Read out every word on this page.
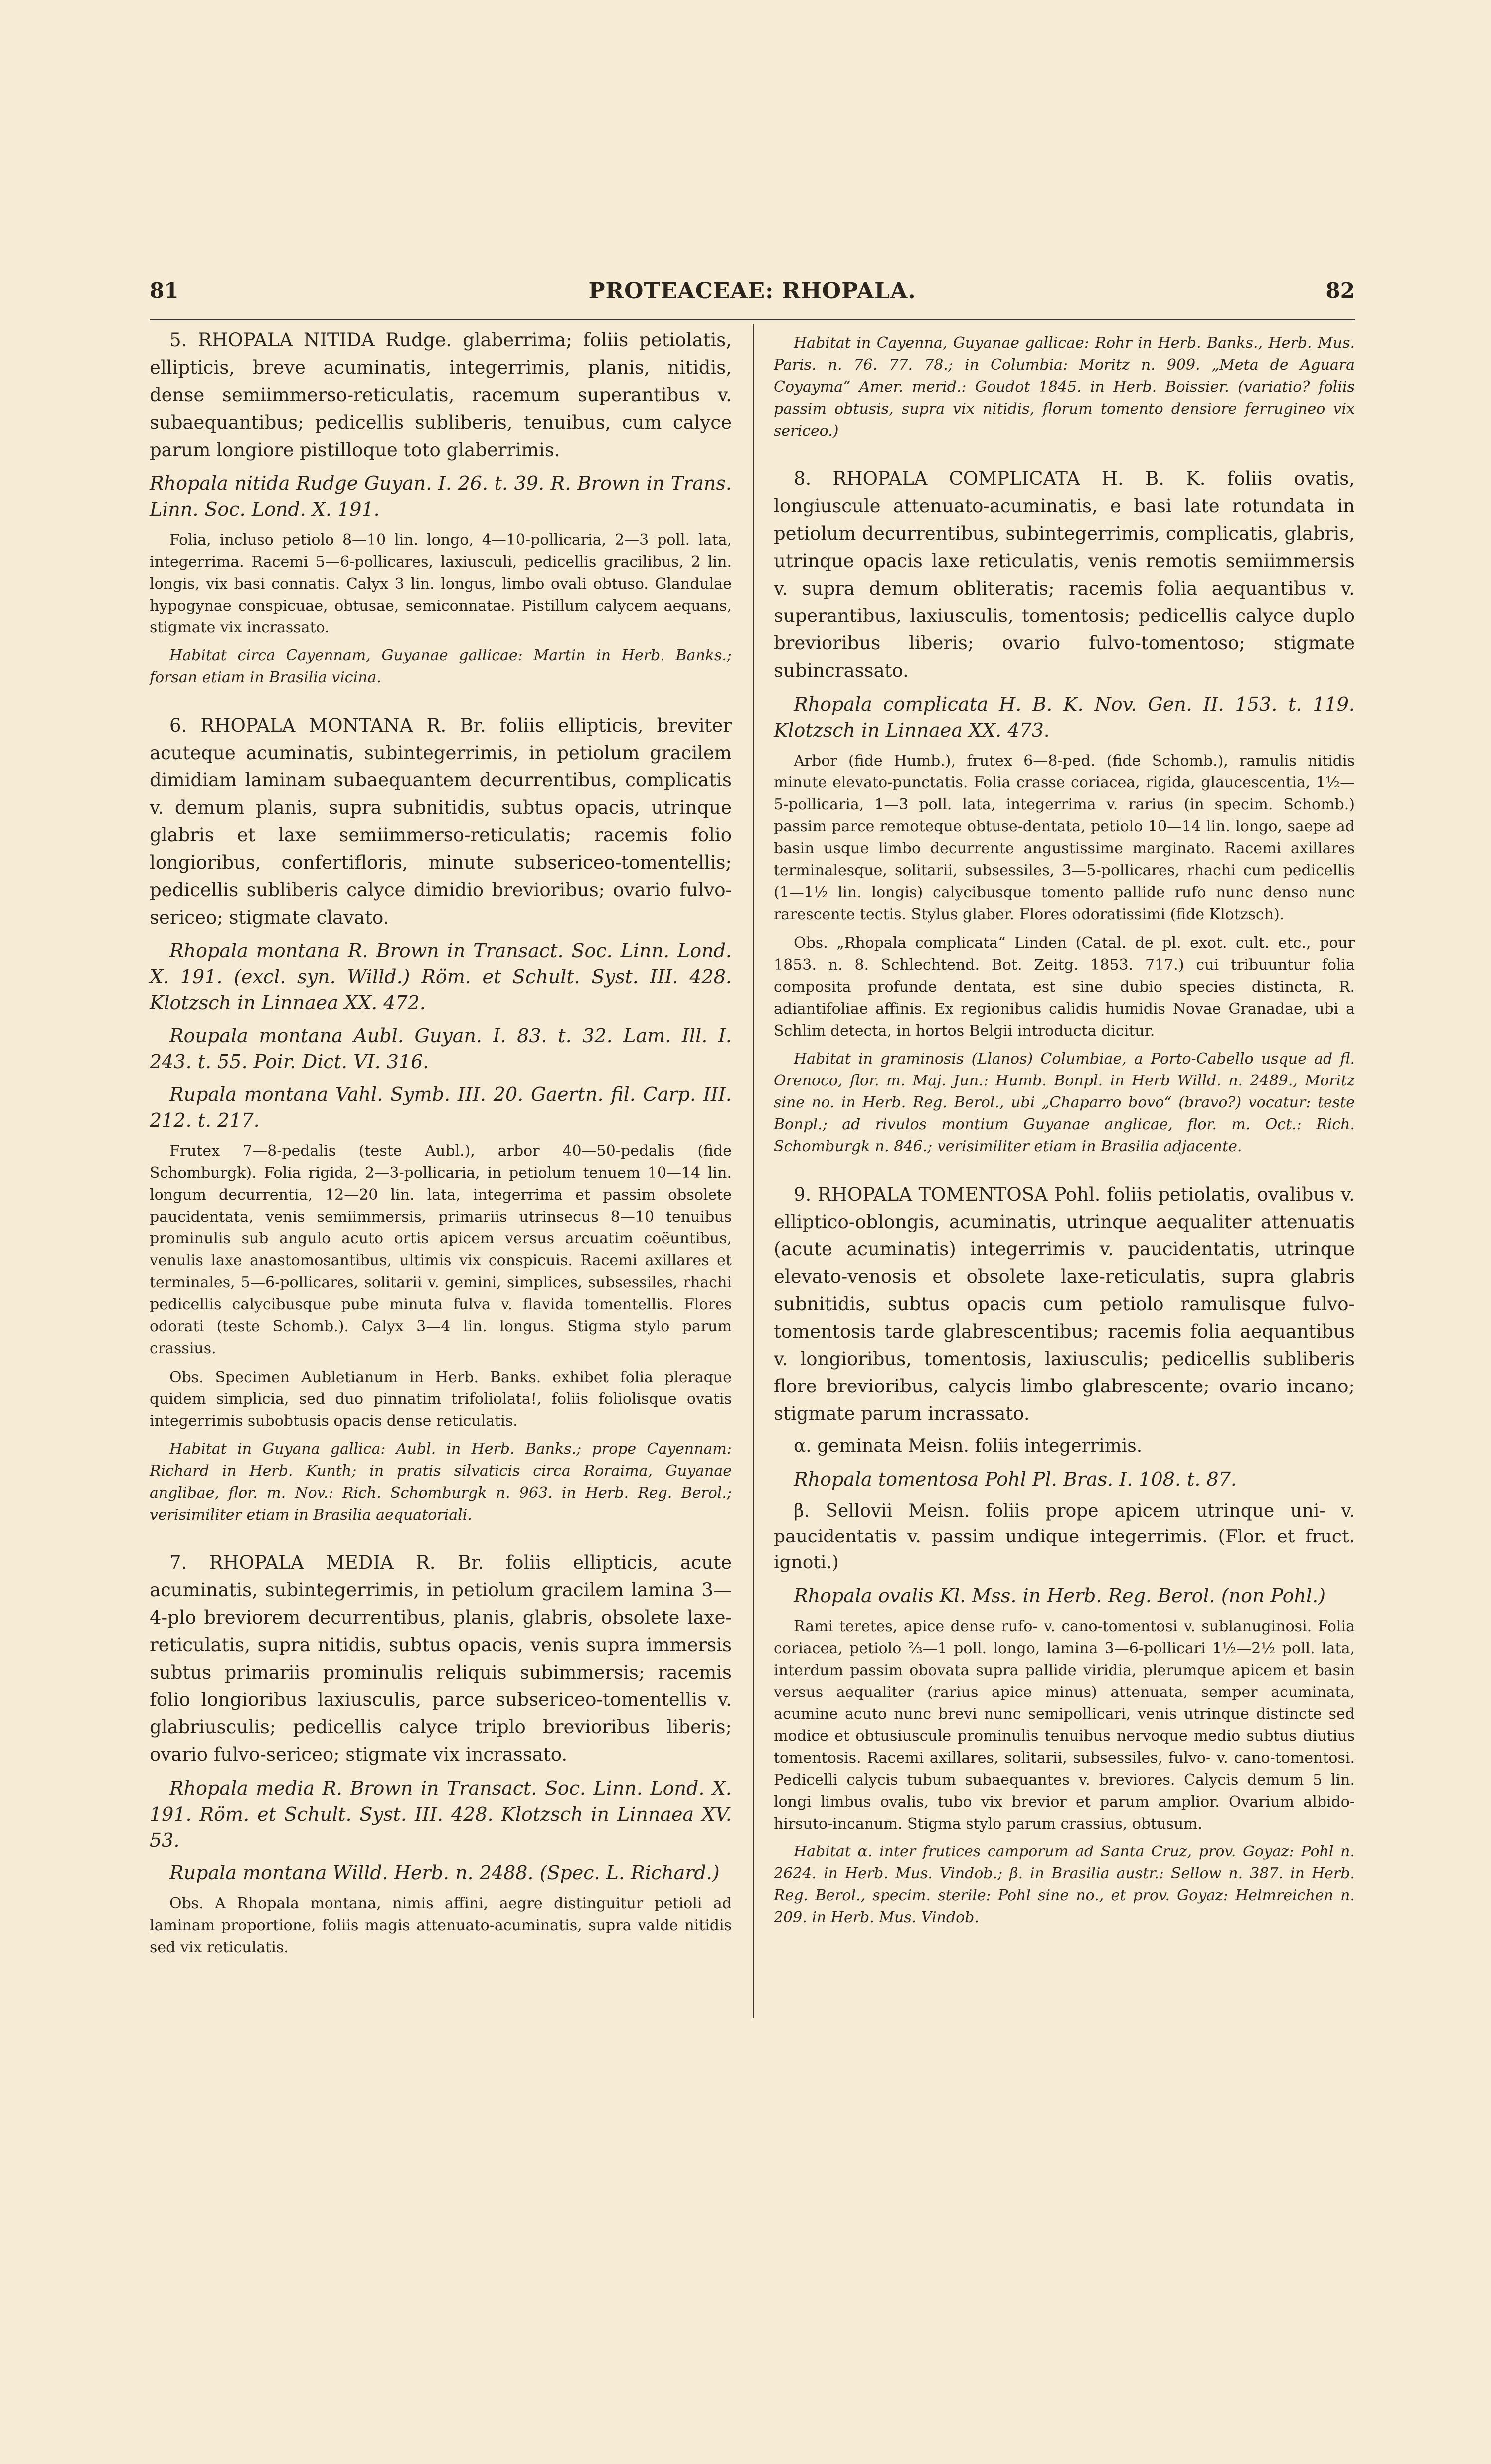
81	PROTEACEAE: RHOPALA.	82

5. RHOPALA NITIDA Rudge. glaberrima; foliis petiolatis, ellipticis, breve acuminatis, integerrimis, planis, nitidis, dense semiimmerso-reticulatis, racemum superantibus v. subaequantibus; pedicellis subliberis, tenuibus, cum calyce parum longiore pistilloque toto glaberrimis.

Rhopala nitida Rudge Guyan. I. 26. t. 39. R. Brown in Trans. Linn. Soc. Lond. X. 191.

Folia, incluso petiolo 8—10 lin. longo, 4—10-pollicaria, 2—3 poll. lata, integerrima. Racemi 5—6-pollicares, laxiusculi, pedicellis gracilibus, 2 lin. longis, vix basi connatis. Calyx 3 lin. longus, limbo ovali obtuso. Glandulae hypogynae conspicuae, obtusae, semiconnatae. Pistillum calycem aequans, stigmate vix incrassato.

Habitat circa Cayennam, Guyanae gallicae: Martin in Herb. Banks.; forsan etiam in Brasilia vicina.

6. RHOPALA MONTANA R. Br. foliis ellipticis, breviter acuteque acuminatis, subintegerrimis, in petiolum gracilem dimidiam laminam subaequantem decurrentibus, complicatis v. demum planis, supra subnitidis, subtus opacis, utrinque glabris et laxe semiimmerso-reticulatis; racemis folio longioribus, confertifloris, minute subsericeo-tomentellis; pedicellis subliberis calyce dimidio brevioribus; ovario fulvo-sericeo; stigmate clavato.

Rhopala montana R. Brown in Transact. Soc. Linn. Lond. X. 191. (excl. syn. Willd.) Röm. et Schult. Syst. III. 428. Klotzsch in Linnaea XX. 472.

Roupala montana Aubl. Guyan. I. 83. t. 32. Lam. Ill. I. 243. t. 55. Poir. Dict. VI. 316.

Rupala montana Vahl. Symb. III. 20. Gaertn. fil. Carp. III. 212. t. 217.

Frutex 7—8-pedalis (teste Aubl.), arbor 40—50-pedalis (fide Schomburgk). Folia rigida, 2—3-pollicaria, in petiolum tenuem 10—14 lin. longum decurrentia, 12—20 lin. lata, integerrima et passim obsolete paucidentata, venis semiimmersis, primariis utrinsecus 8—10 tenuibus prominulis sub angulo acuto ortis apicem versus arcuatim coëuntibus, venulis laxe anastomosantibus, ultimis vix conspicuis. Racemi axillares et terminales, 5—6-pollicares, solitarii v. gemini, simplices, subsessiles, rhachi pedicellis calycibusque pube minuta fulva v. flavida tomentellis. Flores odorati (teste Schomb.). Calyx 3—4 lin. longus. Stigma stylo parum crassius.

Obs. Specimen Aubletianum in Herb. Banks. exhibet folia pleraque quidem simplicia, sed duo pinnatim trifoliolata!, foliis foliolisque ovatis integerrimis subobtusis opacis dense reticulatis.

Habitat in Guyana gallica: Aubl. in Herb. Banks.; prope Cayennam: Richard in Herb. Kunth; in pratis silvaticis circa Roraima, Guyanae anglibae, flor. m. Nov.: Rich. Schomburgk n. 963. in Herb. Reg. Berol.; verisimiliter etiam in Brasilia aequatoriali.

7. RHOPALA MEDIA R. Br. foliis ellipticis, acute acuminatis, subintegerrimis, in petiolum gracilem lamina 3—4-plo breviorem decurrentibus, planis, glabris, obsolete laxe-reticulatis, supra nitidis, subtus opacis, venis supra immersis subtus primariis prominulis reliquis subimmersis; racemis folio longioribus laxiusculis, parce subsericeo-tomentellis v. glabriusculis; pedicellis calyce triplo brevioribus liberis; ovario fulvo-sericeo; stigmate vix incrassato.

Rhopala media R. Brown in Transact. Soc. Linn. Lond. X. 191. Röm. et Schult. Syst. III. 428. Klotzsch in Linnaea XV. 53.

Rupala montana Willd. Herb. n. 2488. (Spec. L. Richard.)

Obs. A Rhopala montana, nimis affini, aegre distinguitur petioli ad laminam proportione, foliis magis attenuato-acuminatis, supra valde nitidis sed vix reticulatis.

Habitat in Cayenna, Guyanae gallicae: Rohr in Herb. Banks., Herb. Mus. Paris. n. 76. 77. 78.; in Columbia: Moritz n. 909. „Meta de Aguara Coyayma“ Amer. merid.: Goudot 1845. in Herb. Boissier. (variatio? foliis passim obtusis, supra vix nitidis, florum tomento densiore ferrugineo vix sericeo.)

8. RHOPALA COMPLICATA H. B. K. foliis ovatis, longiuscule attenuato-acuminatis, e basi late rotundata in petiolum decurrentibus, subintegerrimis, complicatis, glabris, utrinque opacis laxe reticulatis, venis remotis semiimmersis v. supra demum obliteratis; racemis folia aequantibus v. superantibus, laxiusculis, tomentosis; pedicellis calyce duplo brevioribus liberis; ovario fulvo-tomentoso; stigmate subincrassato.

Rhopala complicata H. B. K. Nov. Gen. II. 153. t. 119. Klotzsch in Linnaea XX. 473.

Arbor (fide Humb.), frutex 6—8-ped. (fide Schomb.), ramulis nitidis minute elevato-punctatis. Folia crasse coriacea, rigida, glaucescentia, 1½—5-pollicaria, 1—3 poll. lata, integerrima v. rarius (in specim. Schomb.) passim parce remoteque obtuse-dentata, petiolo 10—14 lin. longo, saepe ad basin usque limbo decurrente angustissime marginato. Racemi axillares terminalesque, solitarii, subsessiles, 3—5-pollicares, rhachi cum pedicellis (1—1½ lin. longis) calycibusque tomento pallide rufo nunc denso nunc rarescente tectis. Stylus glaber. Flores odoratissimi (fide Klotzsch).

Obs. „Rhopala complicata“ Linden (Catal. de pl. exot. cult. etc., pour 1853. n. 8. Schlechtend. Bot. Zeitg. 1853. 717.) cui tribuuntur folia composita profunde dentata, est sine dubio species distincta, R. adiantifoliae affinis. Ex regionibus calidis humidis Novae Granadae, ubi a Schlim detecta, in hortos Belgii introducta dicitur.

Habitat in graminosis (Llanos) Columbiae, a Porto-Cabello usque ad fl. Orenoco, flor. m. Maj. Jun.: Humb. Bonpl. in Herb Willd. n. 2489., Moritz sine no. in Herb. Reg. Berol., ubi „Chaparro bovo“ (bravo?) vocatur: teste Bonpl.; ad rivulos montium Guyanae anglicae, flor. m. Oct.: Rich. Schomburgk n. 846.; verisimiliter etiam in Brasilia adjacente.

9. RHOPALA TOMENTOSA Pohl. foliis petiolatis, ovalibus v. elliptico-oblongis, acuminatis, utrinque aequaliter attenuatis (acute acuminatis) integerrimis v. paucidentatis, utrinque elevato-venosis et obsolete laxe-reticulatis, supra glabris subnitidis, subtus opacis cum petiolo ramulisque fulvo-tomentosis tarde glabrescentibus; racemis folia aequantibus v. longioribus, tomentosis, laxiusculis; pedicellis subliberis flore brevioribus, calycis limbo glabrescente; ovario incano; stigmate parum incrassato.

α. geminata Meisn. foliis integerrimis.

Rhopala tomentosa Pohl Pl. Bras. I. 108. t. 87.

β. Sellovii Meisn. foliis prope apicem utrinque uni- v. paucidentatis v. passim undique integerrimis. (Flor. et fruct. ignoti.)

Rhopala ovalis Kl. Mss. in Herb. Reg. Berol. (non Pohl.)

Rami teretes, apice dense rufo- v. cano-tomentosi v. sublanuginosi. Folia coriacea, petiolo ⅔—1 poll. longo, lamina 3—6-pollicari 1½—2½ poll. lata, interdum passim obovata supra pallide viridia, plerumque apicem et basin versus aequaliter (rarius apice minus) attenuata, semper acuminata, acumine acuto nunc brevi nunc semipollicari, venis utrinque distincte sed modice et obtusiuscule prominulis tenuibus nervoque medio subtus diutius tomentosis. Racemi axillares, solitarii, subsessiles, fulvo- v. cano-tomentosi. Pedicelli calycis tubum subaequantes v. breviores. Calycis demum 5 lin. longi limbus ovalis, tubo vix brevior et parum amplior. Ovarium albido-hirsuto-incanum. Stigma stylo parum crassius, obtusum.

Habitat α. inter frutices camporum ad Santa Cruz, prov. Goyaz: Pohl n. 2624. in Herb. Mus. Vindob.; β. in Brasilia austr.: Sellow n. 387. in Herb. Reg. Berol., specim. sterile: Pohl sine no., et prov. Goyaz: Helmreichen n. 209. in Herb. Mus. Vindob.
